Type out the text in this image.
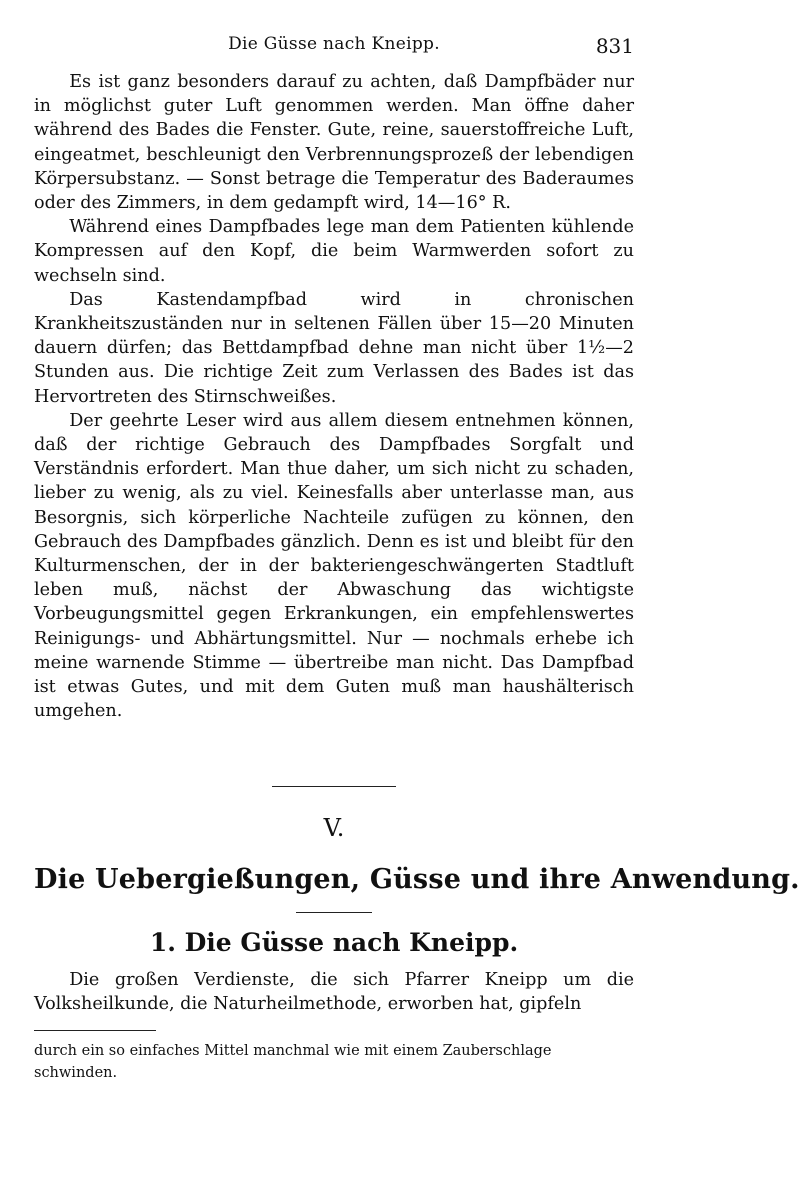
Die Güsse nach Kneipp.	831

Es ist ganz besonders darauf zu achten, daß Dampfbäder nur in möglichst guter Luft genommen werden. Man öffne daher während des Bades die Fenster. Gute, reine, sauerstoffreiche Luft, eingeatmet, beschleunigt den Verbrennungsprozeß der lebendigen Körpersubstanz. — Sonst betrage die Temperatur des Baderaumes oder des Zimmers, in dem gedampft wird, 14—16° R.

Während eines Dampfbades lege man dem Patienten kühlende Kompressen auf den Kopf, die beim Warmwerden sofort zu wechseln sind.

Das Kastendampfbad wird in chronischen Krankheitszuständen nur in seltenen Fällen über 15—20 Minuten dauern dürfen; das Bettdampfbad dehne man nicht über 1½—2 Stunden aus. Die richtige Zeit zum Verlassen des Bades ist das Hervortreten des Stirnschweißes.

Der geehrte Leser wird aus allem diesem entnehmen können, daß der richtige Gebrauch des Dampfbades Sorgfalt und Verständnis erfordert. Man thue daher, um sich nicht zu schaden, lieber zu wenig, als zu viel. Keinesfalls aber unterlasse man, aus Besorgnis, sich körperliche Nachteile zufügen zu können, den Gebrauch des Dampfbades gänzlich. Denn es ist und bleibt für den Kulturmenschen, der in der bakteriengeschwängerten Stadtluft leben muß, nächst der Abwaschung das wichtigste Vorbeugungsmittel gegen Erkrankungen, ein empfehlenswertes Reinigungs- und Abhärtungsmittel. Nur — nochmals erhebe ich meine warnende Stimme — übertreibe man nicht. Das Dampfbad ist etwas Gutes, und mit dem Guten muß man haushälterisch umgehen.

V.
Die Uebergießungen, Güsse und ihre Anwendung.
1. Die Güsse nach Kneipp.

Die großen Verdienste, die sich Pfarrer Kneipp um die Volksheilkunde, die Naturheilmethode, erworben hat, gipfeln

durch ein so einfaches Mittel manchmal wie mit einem Zauberschlage schwinden.
